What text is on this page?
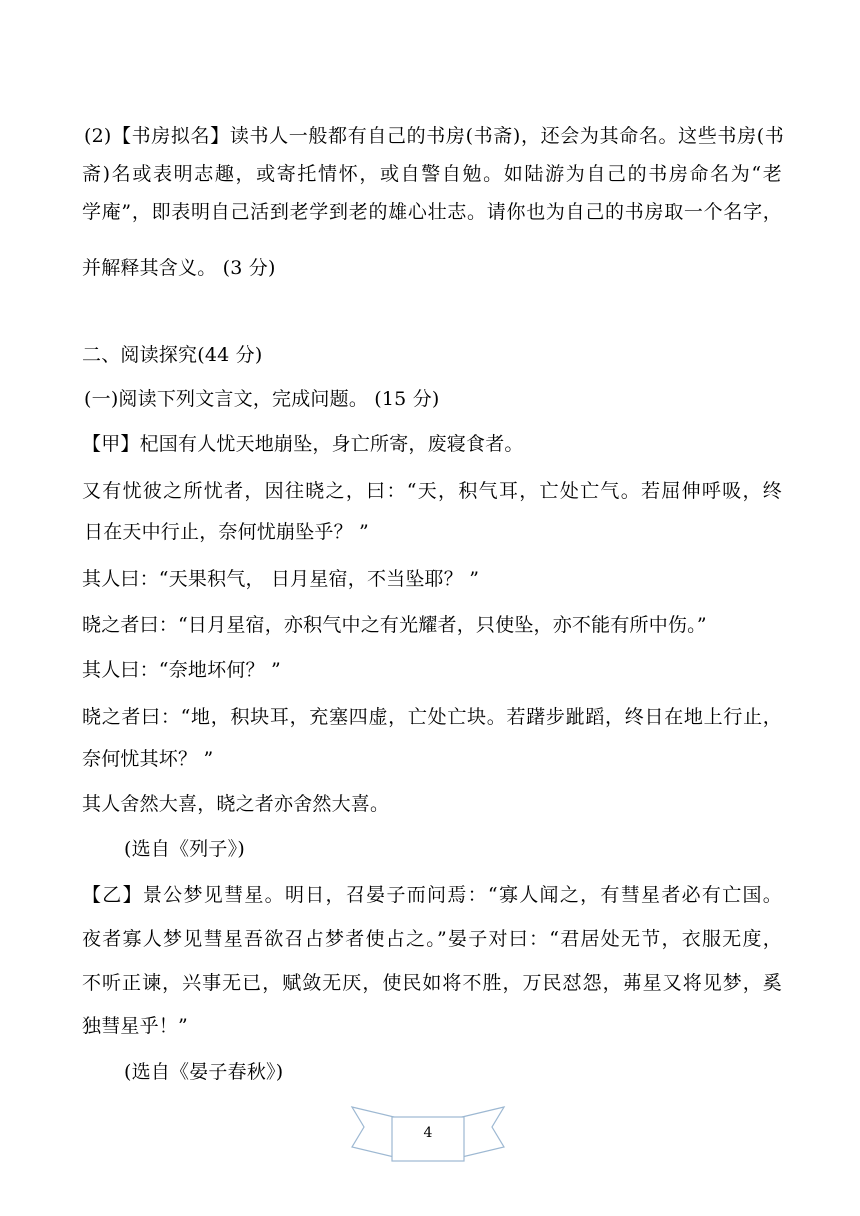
(2)【书房拟名】读书人一般都有自己的书房(书斋)，还会为其命名。这些书房(书
斋)名或表明志趣，或寄托情怀，或自警自勉。如陆游为自己的书房命名为“老
学庵”，即表明自己活到老学到老的雄心壮志。请你也为自己的书房取一个名字，
并解释其含义。 (3 分)
二、阅读探究(44 分)
(一)阅读下列文言文，完成问题。 (15 分)
【甲】杞国有人忧天地崩坠，身亡所寄，废寝食者。
又有忧彼之所忧者，因往晓之，曰：“天，积气耳，亡处亡气。若屈伸呼吸，终
日在天中行止，奈何忧崩坠乎？ ”
其人曰：“天果积气， 日月星宿，不当坠耶？ ”
晓之者曰：“日月星宿，亦积气中之有光耀者，只使坠，亦不能有所中伤。”
其人曰：“奈地坏何？ ”
晓之者曰：“地，积块耳，充塞四虚，亡处亡块。若躇步跐蹈，终日在地上行止，
奈何忧其坏？ ”
其人舍然大喜，晓之者亦舍然大喜。
(选自《列子》)
【乙】景公梦见彗星。明日，召晏子而问焉：“寡人闻之，有彗星者必有亡国。
夜者寡人梦见彗星吾欲召占梦者使占之。”晏子对曰：“君居处无节，衣服无度，
不听正谏，兴事无已，赋敛无厌，使民如将不胜，万民怼怨，茀星又将见梦，奚
独彗星乎！”
(选自《晏子春秋》)
4
